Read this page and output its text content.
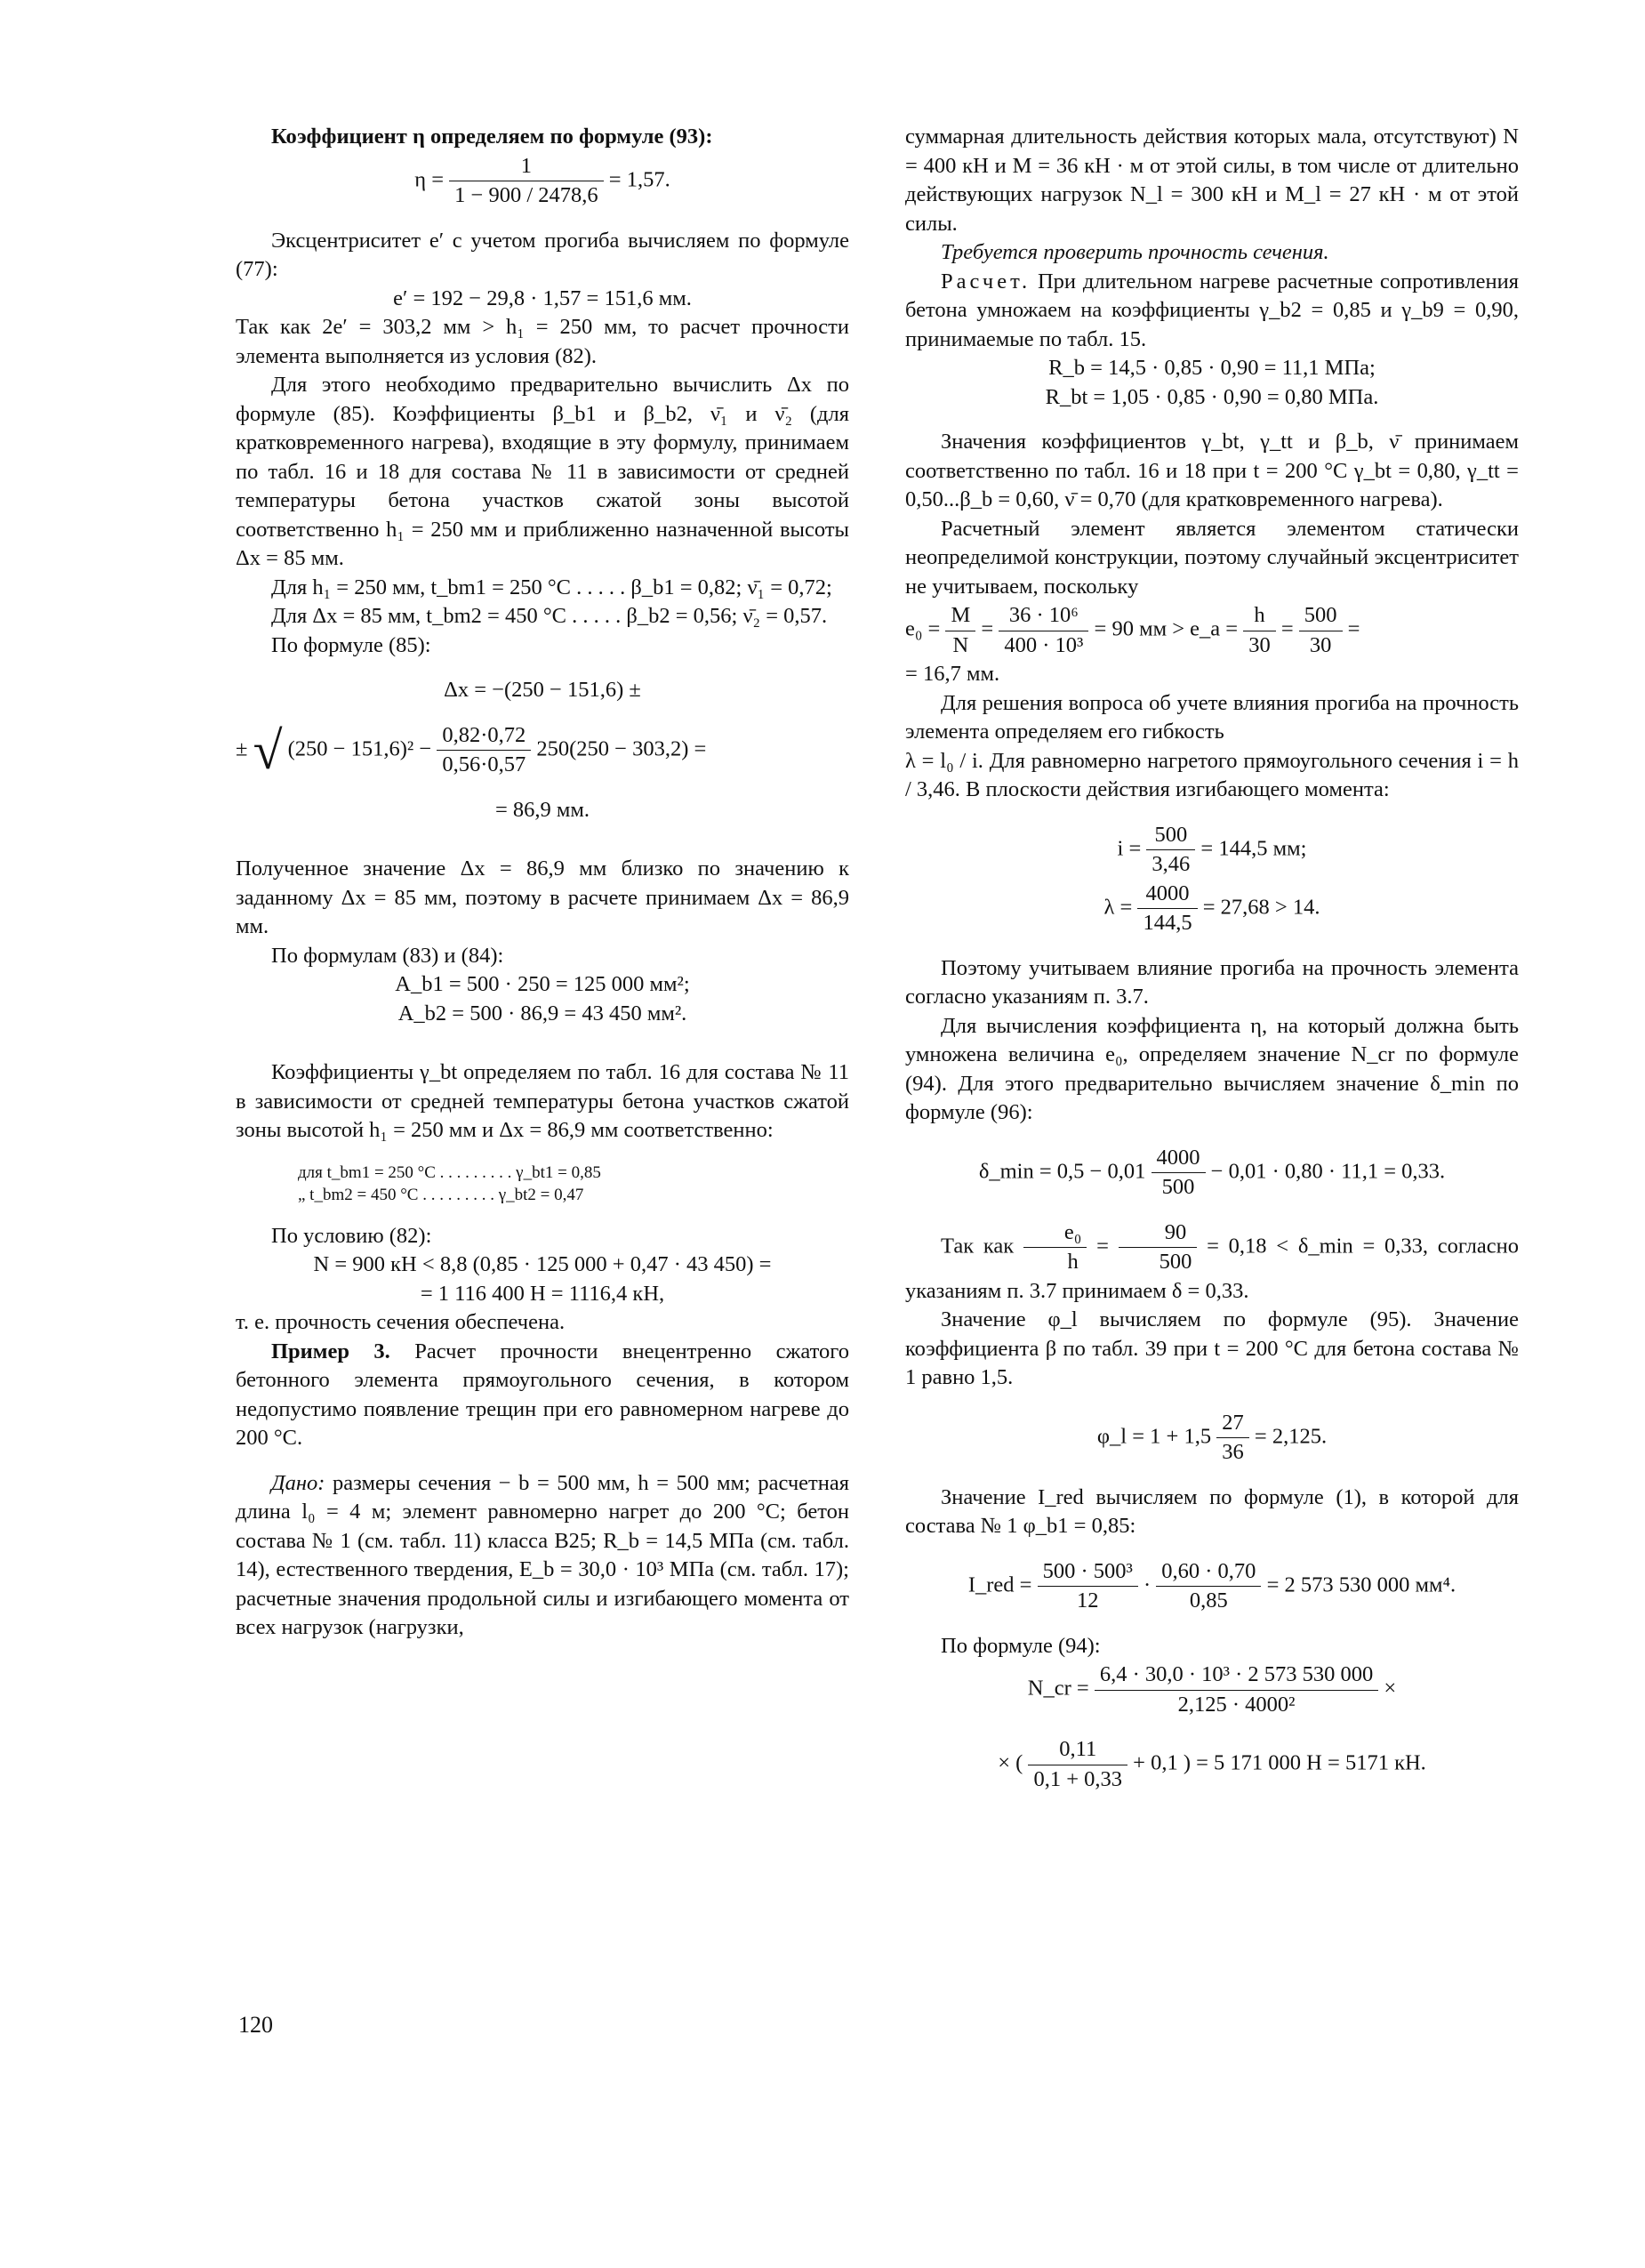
Коэффициент η определяем по формуле (93):

$\eta = \frac{1}{1 - 900 / 2478,6} = 1,57$.

Эксцентриситет e′ с учетом прогиба вычисляем по формуле (77):

e′ = 192 − 29,8 · 1,57 = 151,6 мм.

Так как 2e′ = 303,2 мм > h₁ = 250 мм, то расчет прочности элемента выполняется из условия (82).

Для этого необходимо предварительно вычислить Δx по формуле (85). Коэффициенты β_b1 и β_b2, ν̄₁ и ν̄₂ (для кратковременного нагрева), входящие в эту формулу, принимаем по табл. 16 и 18 для состава № 11 в зависимости от средней температуры бетона участков сжатой зоны высотой соответственно h₁ = 250 мм и приближенно назначенной высоты Δx = 85 мм.

Для h₁ = 250 мм, t_bm1 = 250 °C . . . . . β_b1 = 0,82; ν̄₁ = 0,72;

Для Δx = 85 мм, t_bm2 = 450 °C . . . . . β_b2 = 0,56; ν̄₂ = 0,57.

По формуле (85):

Δx = −(250 − 151,6) ±
± √ $(250 - 151,6)^2 - \frac{0,82\cdot 0,72}{0,56\cdot 0,57} 250(250 - 303,2)$ =
= 86,9 мм.

Полученное значение Δx = 86,9 мм близко по значению к заданному Δx = 85 мм, поэтому в расчете принимаем Δx = 86,9 мм.

По формулам (83) и (84):

A_b1 = 500 · 250 = 125 000 мм²;
A_b2 = 500 · 86,9 = 43 450 мм².

Коэффициенты γ_bt определяем по табл. 16 для состава № 11 в зависимости от средней температуры бетона участков сжатой зоны высотой h₁ = 250 мм и Δx = 86,9 мм соответственно:

для t_bm1 = 250 °C . . . . . . . . . γ_bt1 = 0,85
„ t_bm2 = 450 °C . . . . . . . . . γ_bt2 = 0,47

По условию (82):

N = 900 кН < 8,8 (0,85 · 125 000 + 0,47 · 43 450) =
= 1 116 400 Н = 1116,4 кН,

т. е. прочность сечения обеспечена.

Пример 3. Расчет прочности внецентренно сжатого бетонного элемента прямоугольного сечения, в котором недопустимо появление трещин при его равномерном нагреве до 200 °C.

Дано: размеры сечения − b = 500 мм, h = 500 мм; расчетная длина l₀ = 4 м; элемент равномерно нагрет до 200 °C; бетон состава № 1 (см. табл. 11) класса B25; R_b = 14,5 МПа (см. табл. 14), естественного твердения, E_b = 30,0 · 10³ МПа (см. табл. 17); расчетные значения продольной силы и изгибающего момента от всех нагрузок (нагрузки,

суммарная длительность действия которых мала, отсутствуют) N = 400 кН и M = 36 кН · м от этой силы, в том числе от длительно действующих нагрузок N_l = 300 кН и M_l = 27 кН · м от этой силы.

Требуется проверить прочность сечения.

Расчет. При длительном нагреве расчетные сопротивления бетона умножаем на коэффициенты γ_b2 = 0,85 и γ_b9 = 0,90, принимаемые по табл. 15.

R_b = 14,5 · 0,85 · 0,90 = 11,1 МПа;
R_bt = 1,05 · 0,85 · 0,90 = 0,80 МПа.

Значения коэффициентов γ_bt, γ_tt и β_b, ν̄ принимаем соответственно по табл. 16 и 18 при t = 200 °C γ_bt = 0,80, γ_tt = 0,50...β_b = 0,60, ν̄ = 0,70 (для кратковременного нагрева).

Расчетный элемент является элементом статически неопределимой конструкции, поэтому случайный эксцентриситет не учитываем, поскольку

$e_0 = \frac{M}{N} = \frac{\text{36 · 10⁶}}{\text{400 · 10³}} = 90$ мм > e_a = $\frac{h}{30} = \frac{500}{30}$ =

= 16,7 мм.

Для решения вопроса об учете влияния прогиба на прочность элемента определяем его гибкость

λ = l₀ / i. Для равномерно нагретого прямоугольного сечения i = h / 3,46. В плоскости действия изгибающего момента:

$i = \frac{500}{3,46} = 144,5$ мм;
$\lambda = \frac{4000}{144,5} = 27,68 > 14$.

Поэтому учитываем влияние прогиба на прочность элемента согласно указаниям п. 3.7.

Для вычисления коэффициента η, на который должна быть умножена величина e₀, определяем значение N_cr по формуле (94). Для этого предварительно вычисляем значение δ_min по формуле (96):

δ_min = $0,5 - 0,01 \frac{4000}{500} - 0,01 \cdot 0,80 \cdot 11,1 = 0,33$.

Так как $\frac{\text{e₀}}{h} = \frac{90}{500} = 0,18$ < δ_min = 0,33, согласно указаниям п. 3.7 принимаем δ = 0,33.

Значение φ_l вычисляем по формуле (95). Значение коэффициента β по табл. 39 при t = 200 °C для бетона состава № 1 равно 1,5.

φ_l = $1 + 1,5 \frac{27}{36} = 2,125$.

Значение I_red вычисляем по формуле (1), в которой для состава № 1 φ_b1 = 0,85:

I_red = $\frac{\text{500 · 500³}}{12} \cdot \frac{0,60 \cdot 0,70}{0,85} = 2$ 573 530 000 мм⁴.

По формуле (94):

N_cr = $\frac{\text{6,4 · 30,0 · 10³ · 2 573 530 000}}{\text{2,125 · 4000²}}$ ×
× ( $\frac{0,11}{0,1 + 0,33} + 0,1$ ) = 5 171 000 Н = 5171 кН.
120
